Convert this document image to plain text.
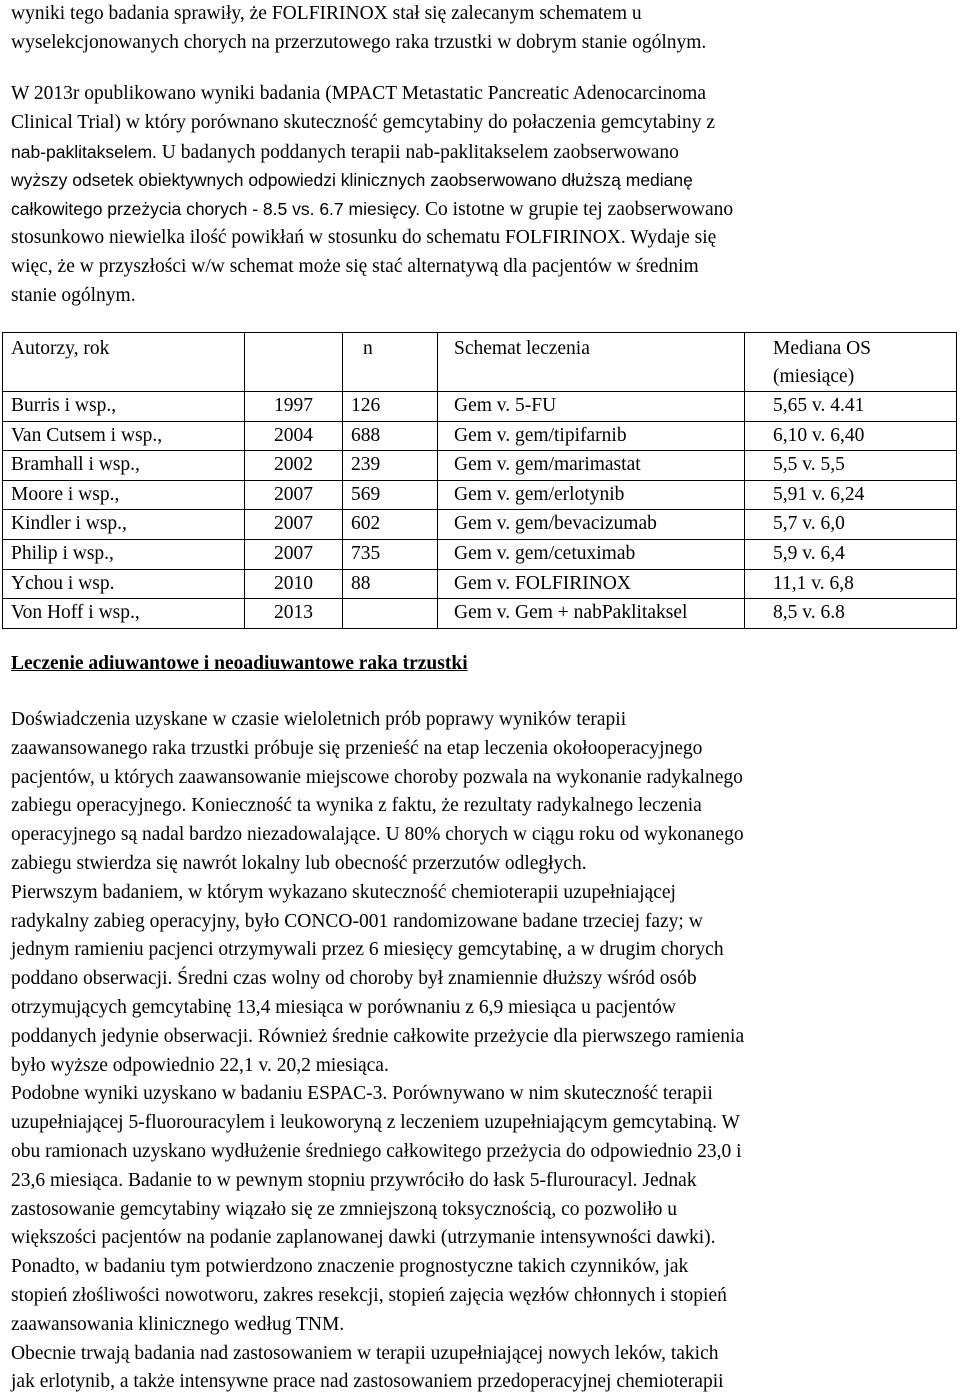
wyniki tego badania sprawiły, że FOLFIRINOX stał się zalecanym schematem u
wyselekcjonowanych chorych na przerzutowego raka trzustki w dobrym stanie ogólnym.
W 2013r opublikowano wyniki badania (MPACT Metastatic Pancreatic Adenocarcinoma
Clinical Trial) w który porównano skuteczność gemcytabiny do połaczenia gemcytabiny z
nab-paklitakselem. U badanych poddanych terapii nab-paklitakselem zaobserwowano
wyższy odsetek obiektywnych odpowiedzi klinicznych zaobserwowano dłuższą medianę
całkowitego przeżycia chorych - 8.5 vs. 6.7 miesięcy. Co istotne w grupie tej zaobserwowano
stosunkowo niewielka ilość powikłań w stosunku do schematu FOLFIRINOX. Wydaje się
więc, że w przyszłości w/w schemat może się stać alternatywą dla pacjentów w średnim
stanie ogólnym.
Autorzy, rok		n	Schemat leczenia	Mediana OS
(miesiące)
Burris i wsp.,	1997	126	Gem v. 5-FU	5,65 v. 4.41
Van Cutsem i wsp.,	2004	688	Gem v. gem/tipifarnib	6,10 v. 6,40
Bramhall i wsp.,	2002	239	Gem v. gem/marimastat	5,5 v. 5,5
Moore i wsp.,	2007	569	Gem v. gem/erlotynib	5,91 v. 6,24
Kindler i wsp.,	2007	602	Gem v. gem/bevacizumab	5,7 v. 6,0
Philip i wsp.,	2007	735	Gem v. gem/cetuximab	5,9 v. 6,4
Ychou i wsp.	2010	88	Gem v. FOLFIRINOX	11,1 v. 6,8
Von Hoff i wsp.,	2013		Gem v. Gem + nabPaklitaksel	8,5 v. 6.8
Leczenie adiuwantowe i neoadiuwantowe raka trzustki
Doświadczenia uzyskane w czasie wieloletnich prób poprawy wyników terapii
zaawansowanego raka trzustki próbuje się przenieść na etap leczenia okołooperacyjnego
pacjentów, u których zaawansowanie miejscowe choroby pozwala na wykonanie radykalnego
zabiegu operacyjnego. Konieczność ta wynika z faktu, że rezultaty radykalnego leczenia
operacyjnego są nadal bardzo niezadowalające. U 80% chorych w ciągu roku od wykonanego
zabiegu stwierdza się nawrót lokalny lub obecność przerzutów odległych.
Pierwszym badaniem, w którym wykazano skuteczność chemioterapii uzupełniającej
radykalny zabieg operacyjny, było CONCO-001 randomizowane badane trzeciej fazy; w
jednym ramieniu pacjenci otrzymywali przez 6 miesięcy gemcytabinę, a w drugim chorych
poddano obserwacji. Średni czas wolny od choroby był znamiennie dłuższy wśród osób
otrzymujących gemcytabinę 13,4 miesiąca w porównaniu z 6,9 miesiąca u pacjentów
poddanych jedynie obserwacji. Również średnie całkowite przeżycie dla pierwszego ramienia
było wyższe odpowiednio 22,1 v. 20,2 miesiąca.
Podobne wyniki uzyskano w badaniu ESPAC-3. Porównywano w nim skuteczność terapii
uzupełniającej 5-fluorouracylem i leukoworyną z leczeniem uzupełniającym gemcytabiną. W
obu ramionach uzyskano wydłużenie średniego całkowitego przeżycia do odpowiednio 23,0 i
23,6 miesiąca. Badanie to w pewnym stopniu przywróciło do łask 5-flurouracyl. Jednak
zastosowanie gemcytabiny wiązało się ze zmniejszoną toksycznością, co pozwoliło u
większości pacjentów na podanie zaplanowanej dawki (utrzymanie intensywności dawki).
Ponadto, w badaniu tym potwierdzono znaczenie prognostyczne takich czynników, jak
stopień złośliwości nowotworu, zakres resekcji, stopień zajęcia węzłów chłonnych i stopień
zaawansowania klinicznego według TNM.
Obecnie trwają badania nad zastosowaniem w terapii uzupełniającej nowych leków, takich
jak erlotynib, a także intensywne prace nad zastosowaniem przedoperacyjnej chemioterapii
